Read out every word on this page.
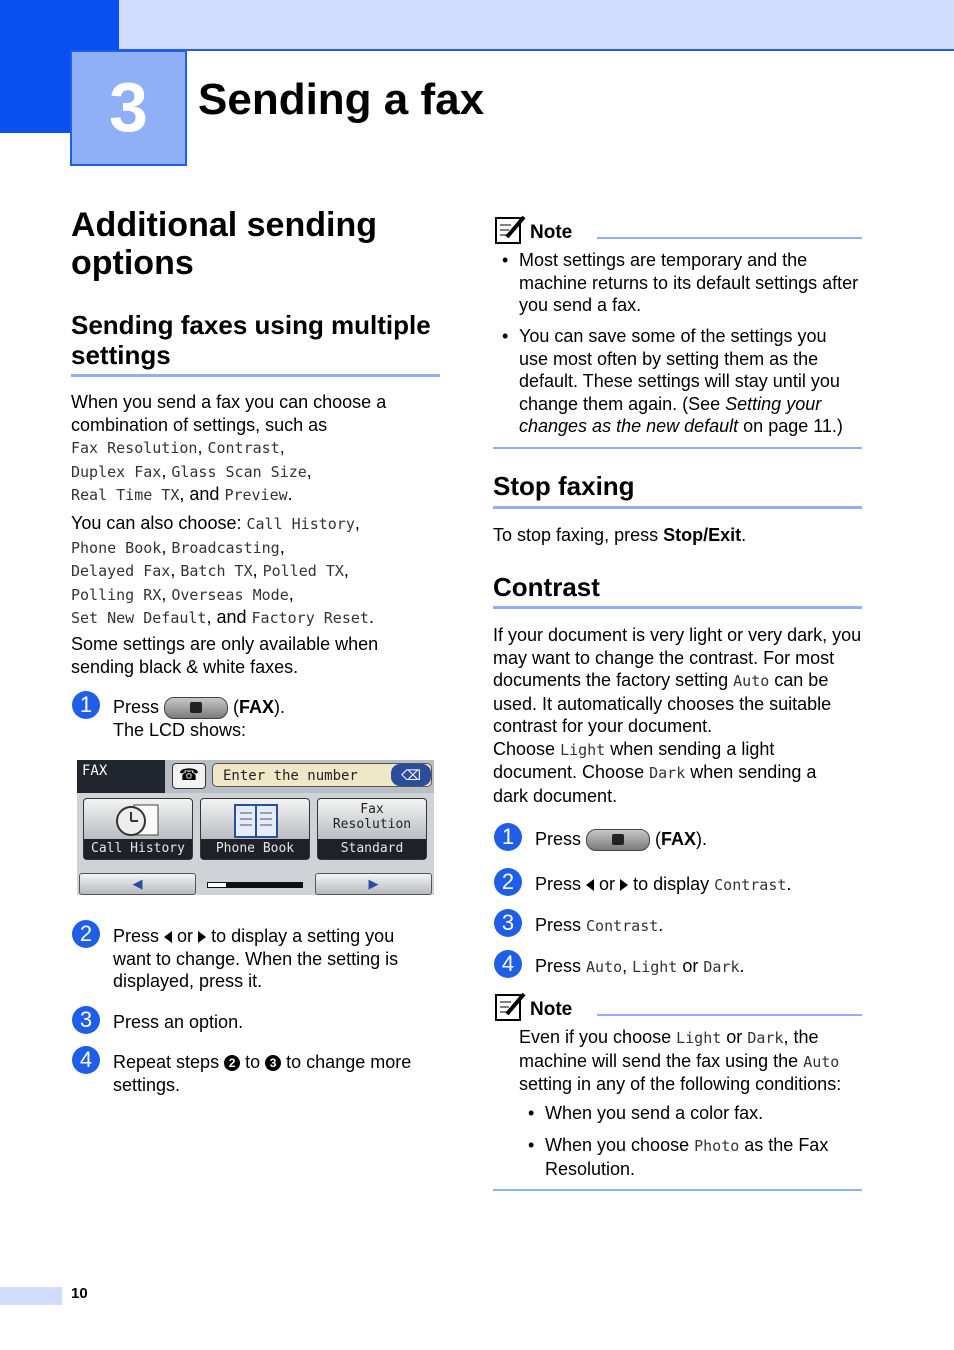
3	Sending a fax
Additional sending
options
Sending faxes using multiple
settings
When you send a fax you can choose a
combination of settings, such as
Fax Resolution, Contrast,
Duplex Fax, Glass Scan Size,
Real Time TX, and Preview.
You can also choose: Call History,
Phone Book, Broadcasting,
Delayed Fax, Batch TX, Polled TX,
Polling RX, Overseas Mode,
Set New Default, and Factory Reset.
Some settings are only available when
sending black & white faxes.
1	Press	(FAX).
The LCD shows:
FAX	☎	Enter the number	⌫
Call History	Phone Book
Fax
Resolution
Standard
◀	▶
2	Press or to display a setting you
want to change. When the setting is
displayed, press it.
3	Press an option.
4	Repeat steps 2 to 3 to change more
settings.
Note
• Most settings are temporary and the
machine returns to its default settings after
you send a fax.
• You can save some of the settings you
use most often by setting them as the
default. These settings will stay until you
change them again. (See Setting your
changes as the new default on page 11.)
Stop faxing
To stop faxing, press Stop/Exit.
Contrast
If your document is very light or very dark, you
may want to change the contrast. For most
documents the factory setting Auto can be
used. It automatically chooses the suitable
contrast for your document.
Choose Light when sending a light
document. Choose Dark when sending a
dark document.
1	Press	(FAX).
2	Press or to display Contrast.
3	Press Contrast.
4	Press Auto, Light or Dark.
Note
Even if you choose Light or Dark, the
machine will send the fax using the Auto
setting in any of the following conditions:
• When you send a color fax.
• When you choose Photo as the Fax
Resolution.
10
